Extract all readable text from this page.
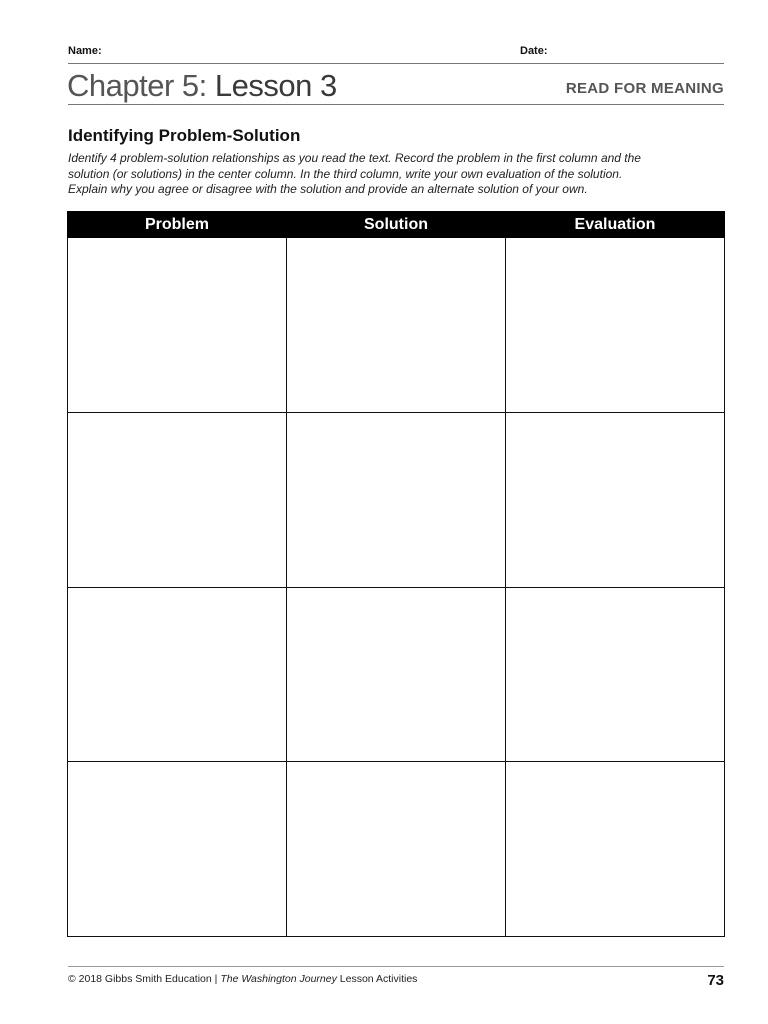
Name:	Date:
Chapter 5: Lesson 3	READ FOR MEANING
Identifying Problem-Solution

Identify 4 problem-solution relationships as you read the text. Record the problem in the first column and the

solution (or solutions) in the center column. In the third column, write your own evaluation of the solution.

Explain why you agree or disagree with the solution and provide an alternate solution of your own.

Problem	Solution	Evaluation

© 2018 Gibbs Smith Education | The Washington Journey Lesson Activities	73
